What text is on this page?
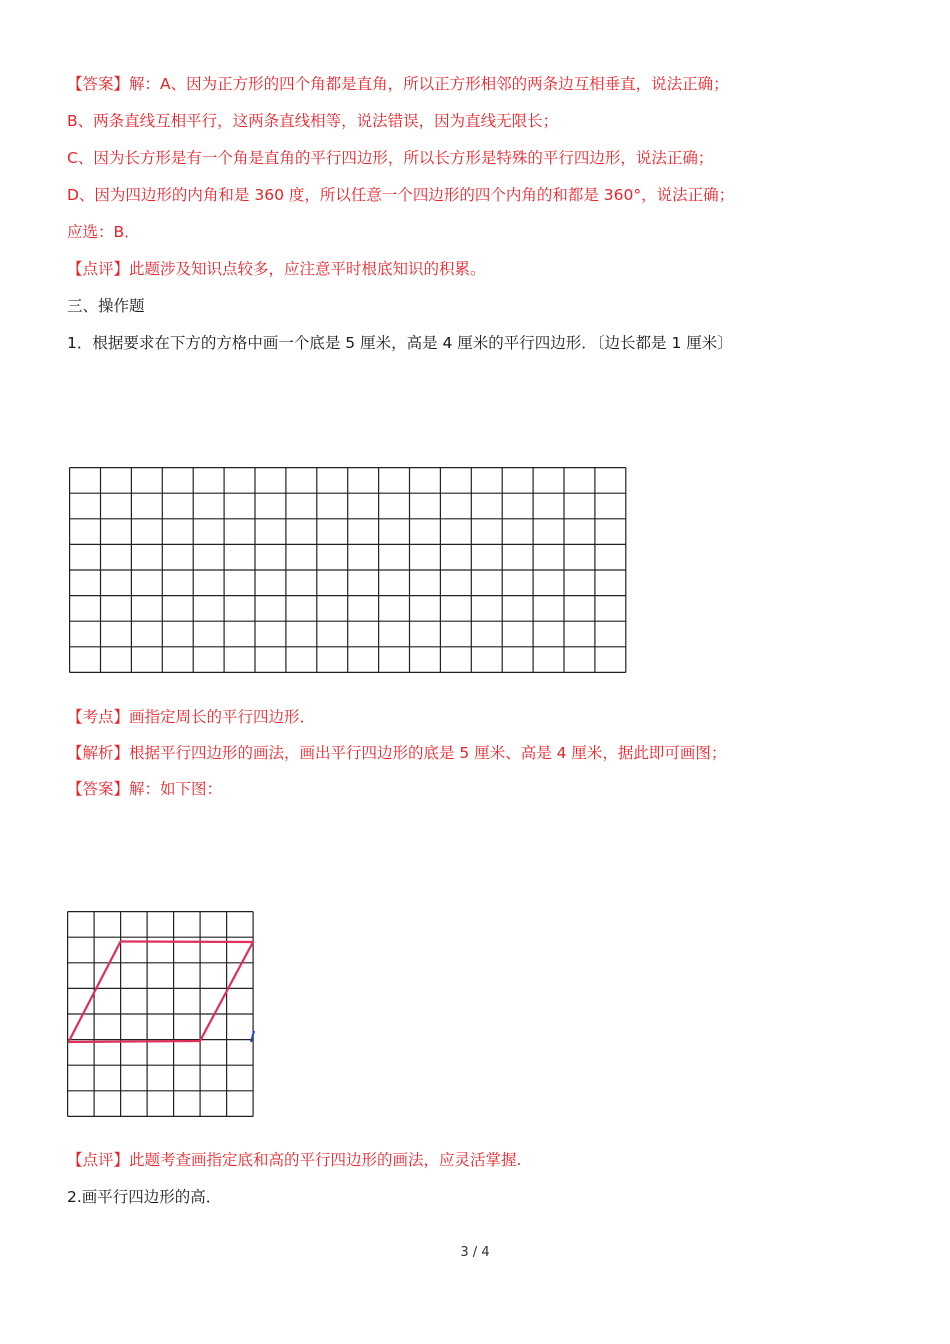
【答案】解：A、因为正方形的四个角都是直角，所以正方形相邻的两条边互相垂直，说法正确；
B、两条直线互相平行，这两条直线相等，说法错误，因为直线无限长；
C、因为长方形是有一个角是直角的平行四边形，所以长方形是特殊的平行四边形，说法正确；
D、因为四边形的内角和是 360 度，所以任意一个四边形的四个内角的和都是 360°，说法正确；
应选：B．
【点评】此题涉及知识点较多，应注意平时根底知识的积累。
三、操作题
1．根据要求在下方的方格中画一个底是 5 厘米，高是 4 厘米的平行四边形．〔边长都是 1 厘米〕
【考点】画指定周长的平行四边形．
【解析】根据平行四边形的画法，画出平行四边形的底是 5 厘米、高是 4 厘米，据此即可画图；
【答案】解：如下图：
【点评】此题考查画指定底和高的平行四边形的画法，应灵活掌握.
2.画平行四边形的高．
3 / 4
